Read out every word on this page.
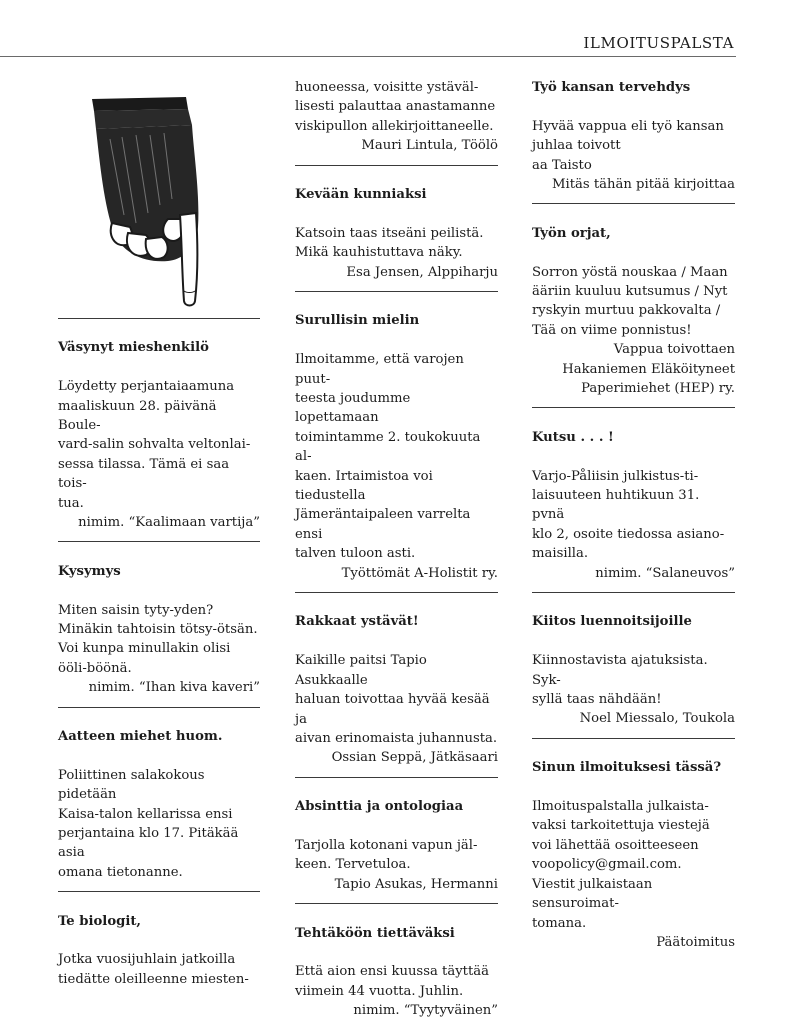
ILMOITUSPALSTA
Väsynyt mieshenkilö
Löydetty perjantaiaamuna
maaliskuun 28. päivänä Boule-
vard-salin sohvalta veltonlai-
sessa tilassa. Tämä ei saa tois-
tua.
nimim. “Kaalimaan vartija”
Kysymys
Miten saisin tyty-yden?
Minäkin tahtoisin tötsy-ötsän.
Voi kunpa minullakin olisi
ööli-böönä.
nimim. “Ihan kiva kaveri”
Aatteen miehet huom.
Poliittinen salakokous pidetään
Kaisa-talon kellarissa ensi
perjantaina klo 17. Pitäkää asia
omana tietonanne.
Te biologit,
Jotka vuosijuhlain jatkoilla
tiedätte oleilleenne miesten-
huoneessa, voisitte ystäväl-
lisesti palauttaa anastamanne
viskipullon allekirjoittaneelle.
Mauri Lintula, Töölö
Kevään kunniaksi
Katsoin taas itseäni peilistä.
Mikä kauhistuttava näky.
Esa Jensen, Alppiharju
Surullisin mielin
Ilmoitamme, että varojen puut-
teesta joudumme lopettamaan
toimintamme 2. toukokuuta al-
kaen. Irtaimistoa voi tiedustella
Jämeräntaipaleen varrelta ensi
talven tuloon asti.
Työttömät A-Holistit ry.
Rakkaat ystävät!
Kaikille paitsi Tapio Asukkaalle
haluan toivottaa hyvää kesää ja
aivan erinomaista juhannusta.
Ossian Seppä, Jätkäsaari
Absinttia ja ontologiaa
Tarjolla kotonani vapun jäl-
keen. Tervetuloa.
Tapio Asukas, Hermanni
Tehtäköön tiettäväksi
Että aion ensi kuussa täyttää
viimein 44 vuotta. Juhlin.
nimim. “Tyytyväinen”
Työ kansan tervehdys
Hyvää vappua eli työ kansan
juhlaa toivott
aa Taisto
Mitäs tähän pitää kirjoittaa
Työn orjat,
Sorron yöstä nouskaa / Maan
ääriin kuuluu kutsumus / Nyt
ryskyin murtuu pakkovalta /
Tää on viime ponnistus!
Vappua toivottaen
Hakaniemen Eläköityneet
Paperimiehet (HEP) ry.
Kutsu . . . !
Varjo-Påliisin julkistus-ti-
laisuuteen huhtikuun 31. pvnä
klo 2, osoite tiedossa asiano-
maisilla.
nimim. “Salaneuvos”
Kiitos luennoitsijoille
Kiinnostavista ajatuksista. Syk-
syllä taas nähdään!
Noel Miessalo, Toukola
Sinun ilmoituksesi tässä?
Ilmoituspalstalla julkaista-
vaksi tarkoitettuja viestejä
voi lähettää osoitteeseen
voopolicy@gmail.com.
Viestit julkaistaan sensuroimat-
tomana.
Päätoimitus
